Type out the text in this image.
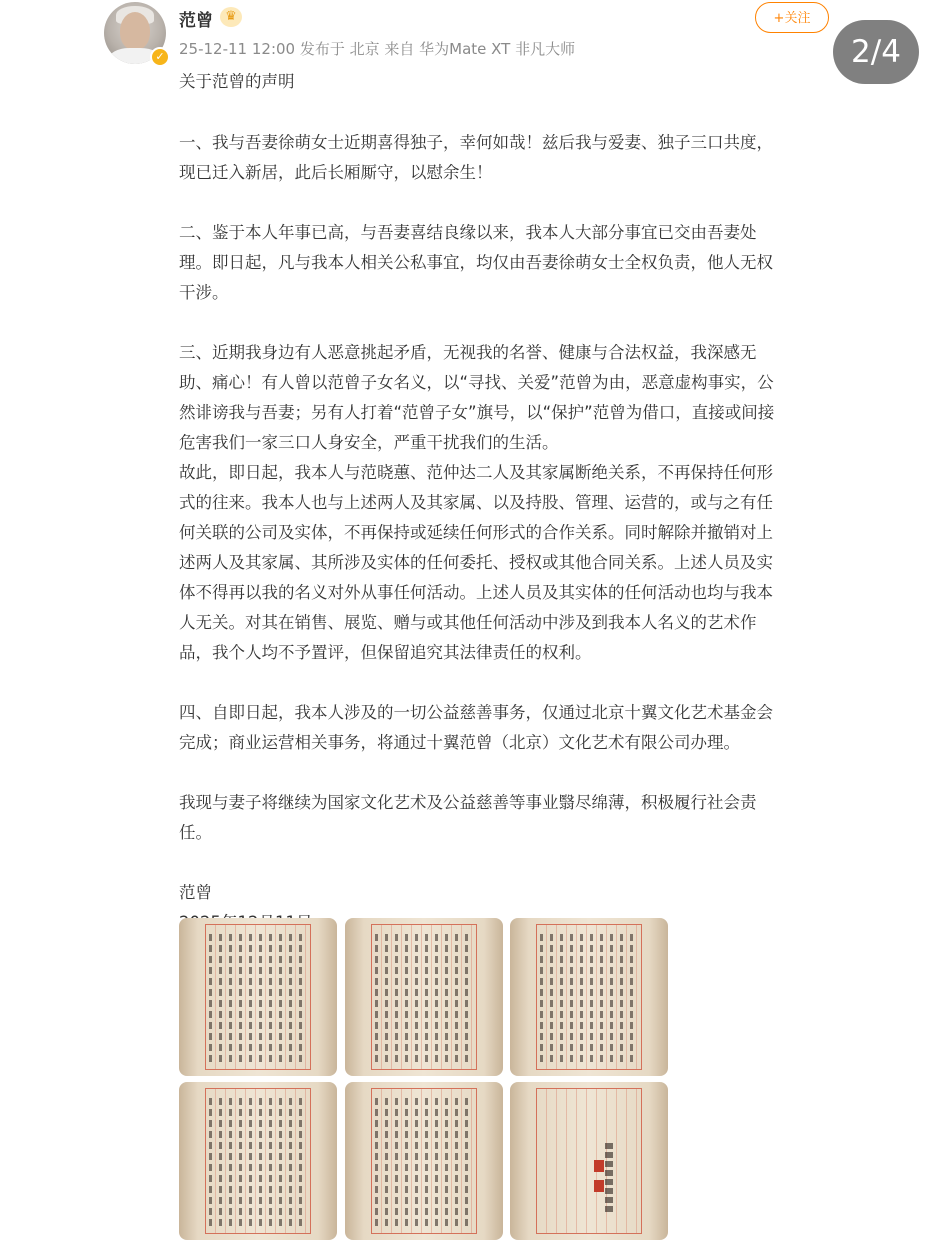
✓
范曾 ♛
25-12-11 12:00 发布于 北京 来自 华为Mate XT 非凡大师
+关注
2/4
关于范曾的声明
一、我与吾妻徐萌女士近期喜得独子，幸何如哉！兹后我与爱妻、独子三口共度，
现已迁入新居，此后长厢厮守，以慰余生！
二、鉴于本人年事已高，与吾妻喜结良缘以来，我本人大部分事宜已交由吾妻处
理。即日起，凡与我本人相关公私事宜，均仅由吾妻徐萌女士全权负责，他人无权
干涉。
三、近期我身边有人恶意挑起矛盾，无视我的名誉、健康与合法权益，我深感无
助、痛心！有人曾以范曾子女名义，以“寻找、关爱”范曾为由，恶意虚构事实，公
然诽谤我与吾妻；另有人打着“范曾子女”旗号，以“保护”范曾为借口，直接或间接
危害我们一家三口人身安全，严重干扰我们的生活。
故此，即日起，我本人与范晓蕙、范仲达二人及其家属断绝关系，不再保持任何形
式的往来。我本人也与上述两人及其家属、以及持股、管理、运营的，或与之有任
何关联的公司及实体，不再保持或延续任何形式的合作关系。同时解除并撤销对上
述两人及其家属、其所涉及实体的任何委托、授权或其他合同关系。上述人员及实
体不得再以我的名义对外从事任何活动。上述人员及其实体的任何活动也均与我本
人无关。对其在销售、展览、赠与或其他任何活动中涉及到我本人名义的艺术作
品，我个人均不予置评，但保留追究其法律责任的权利。
四、自即日起，我本人涉及的一切公益慈善事务，仅通过北京十翼文化艺术基金会
完成；商业运营相关事务，将通过十翼范曾（北京）文化艺术有限公司办理。
我现与妻子将继续为国家文化艺术及公益慈善等事业翳尽绵薄，积极履行社会责
任。
范曾
